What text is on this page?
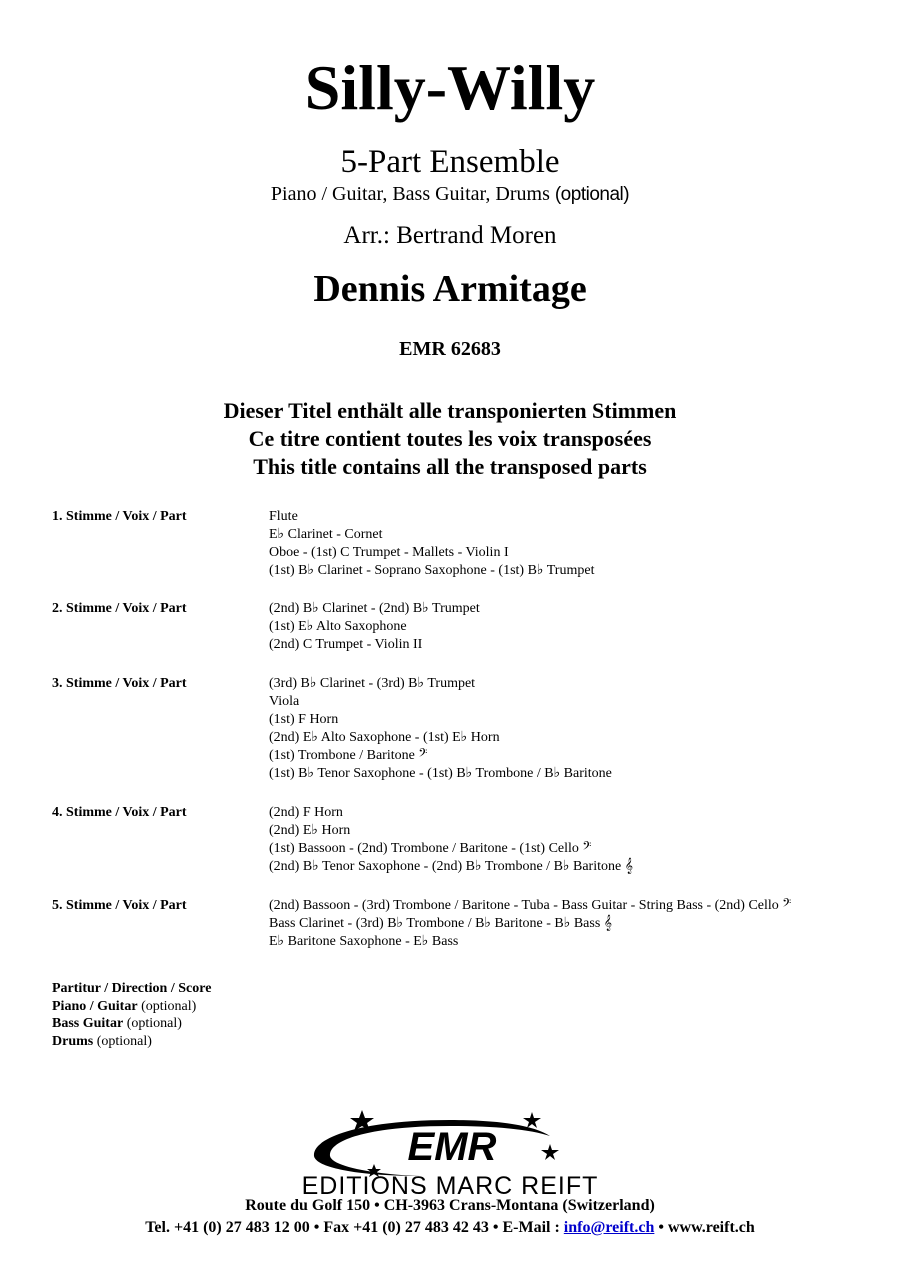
Silly-Willy
5-Part Ensemble
Piano / Guitar, Bass Guitar, Drums (optional)
Arr.: Bertrand Moren
Dennis Armitage
EMR 62683
Dieser Titel enthält alle transponierten Stimmen
Ce titre contient toutes les voix transposées
This title contains all the transposed parts
1. Stimme / Voix / Part	Flute
E♭ Clarinet - Cornet
Oboe - (1st) C Trumpet - Mallets - Violin I
(1st) B♭ Clarinet - Soprano Saxophone - (1st) B♭ Trumpet
2. Stimme / Voix / Part	(2nd) B♭ Clarinet - (2nd) B♭ Trumpet
(1st) E♭ Alto Saxophone
(2nd) C Trumpet - Violin II
3. Stimme / Voix / Part	(3rd) B♭ Clarinet - (3rd) B♭ Trumpet
Viola
(1st) F Horn
(2nd) E♭ Alto Saxophone - (1st) E♭ Horn
(1st) Trombone / Baritone 𝄢
(1st) B♭ Tenor Saxophone - (1st) B♭ Trombone / B♭ Baritone
4. Stimme / Voix / Part	(2nd) F Horn
(2nd) E♭ Horn
(1st) Bassoon - (2nd) Trombone / Baritone - (1st) Cello 𝄢
(2nd) B♭ Tenor Saxophone - (2nd) B♭ Trombone / B♭ Baritone 𝄞
5. Stimme / Voix / Part	(2nd) Bassoon - (3rd) Trombone / Baritone - Tuba - Bass Guitar - String Bass - (2nd) Cello 𝄢
Bass Clarinet - (3rd) B♭ Trombone / B♭ Baritone - B♭ Bass 𝄞
E♭ Baritone Saxophone - E♭ Bass
Partitur / Direction / Score
Piano / Guitar (optional)
Bass Guitar (optional)
Drums (optional)
EMR
EDITIONS MARC REIFT
Route du Golf 150 • CH-3963 Crans-Montana (Switzerland)
Tel. +41 (0) 27 483 12 00 • Fax +41 (0) 27 483 42 43 • E-Mail : info@reift.ch • www.reift.ch
